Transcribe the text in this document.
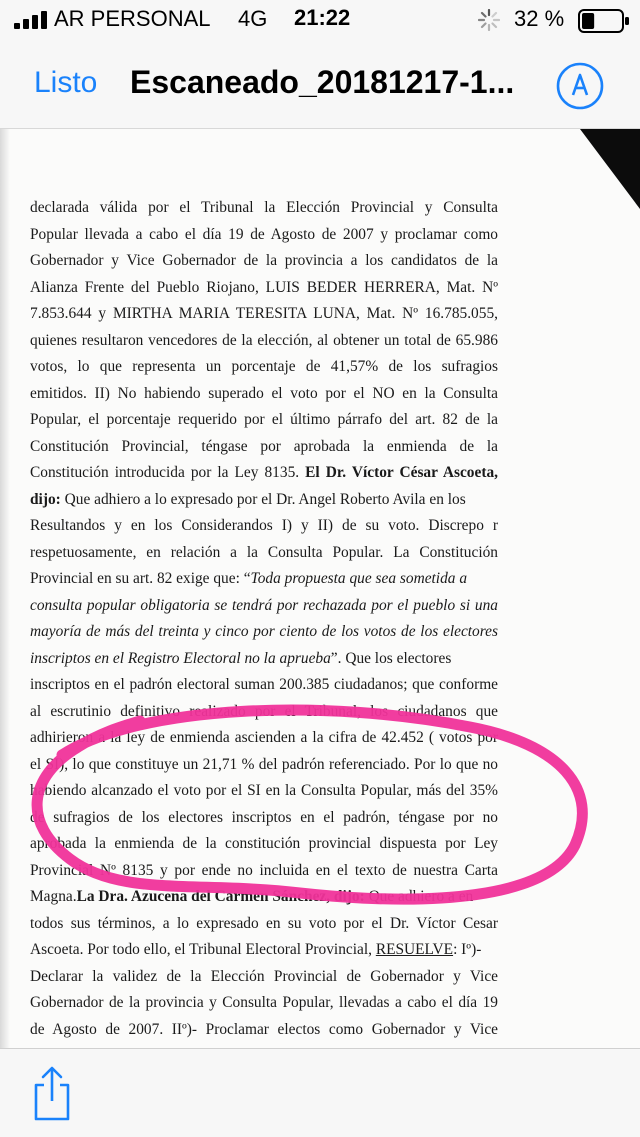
AR PERSONAL 4G 21:22	32 %
Listo Escaneado_20181217-1...
declarada válida por el Tribunal la Elección Provincial y Consulta
Popular llevada a cabo el día 19 de Agosto de 2007 y proclamar como
Gobernador y Vice Gobernador de la provincia a los candidatos de la
Alianza Frente del Pueblo Riojano, LUIS BEDER HERRERA, Mat. Nº
7.853.644 y MIRTHA MARIA TERESITA LUNA, Mat. Nº 16.785.055,
quienes resultaron vencedores de la elección, al obtener un total de 65.986
votos, lo que representa un porcentaje de 41,57% de los sufragios
emitidos. II) No habiendo superado el voto por el NO en la Consulta
Popular, el porcentaje requerido por el último párrafo del art. 82 de la
Constitución Provincial, téngase por aprobada la enmienda de la
Constitución introducida por la Ley 8135. El Dr. Víctor César Ascoeta,
dijo: Que adhiero a lo expresado por el Dr. Angel Roberto Avila en los
Resultandos y en los Considerandos I) y II) de su voto. Discrepo r
respetuosamente, en relación a la Consulta Popular. La Constitución
Provincial en su art. 82 exige que: “Toda propuesta que sea sometida a
consulta popular obligatoria se tendrá por rechazada por el pueblo si una
mayoría de más del treinta y cinco por ciento de los votos de los electores
inscriptos en el Registro Electoral no la aprueba”. Que los electores
inscriptos en el padrón electoral suman 200.385 ciudadanos; que conforme
al escrutinio definitivo realizado por el Tribunal, los ciudadanos que
adhirieron a la ley de enmienda ascienden a la cifra de 42.452 ( votos por
el SI), lo que constituye un 21,71 % del padrón referenciado. Por lo que no
habiendo alcanzado el voto por el SI en la Consulta Popular, más del 35%
de sufragios de los electores inscriptos en el padrón, téngase por no
aprobada la enmienda de la constitución provincial dispuesta por Ley
Provincial Nº 8135 y por ende no incluida en el texto de nuestra Carta
Magna.La Dra. Azucena del Carmen Sánchez, dijo: Que adhiero a en
todos sus términos, a lo expresado en su voto por el Dr. Víctor Cesar
Ascoeta. Por todo ello, el Tribunal Electoral Provincial, RESUELVE: Iº)-
Declarar la validez de la Elección Provincial de Gobernador y Vice
Gobernador de la provincia y Consulta Popular, llevadas a cabo el día 19
de Agosto de 2007. IIº)- Proclamar electos como Gobernador y Vice
